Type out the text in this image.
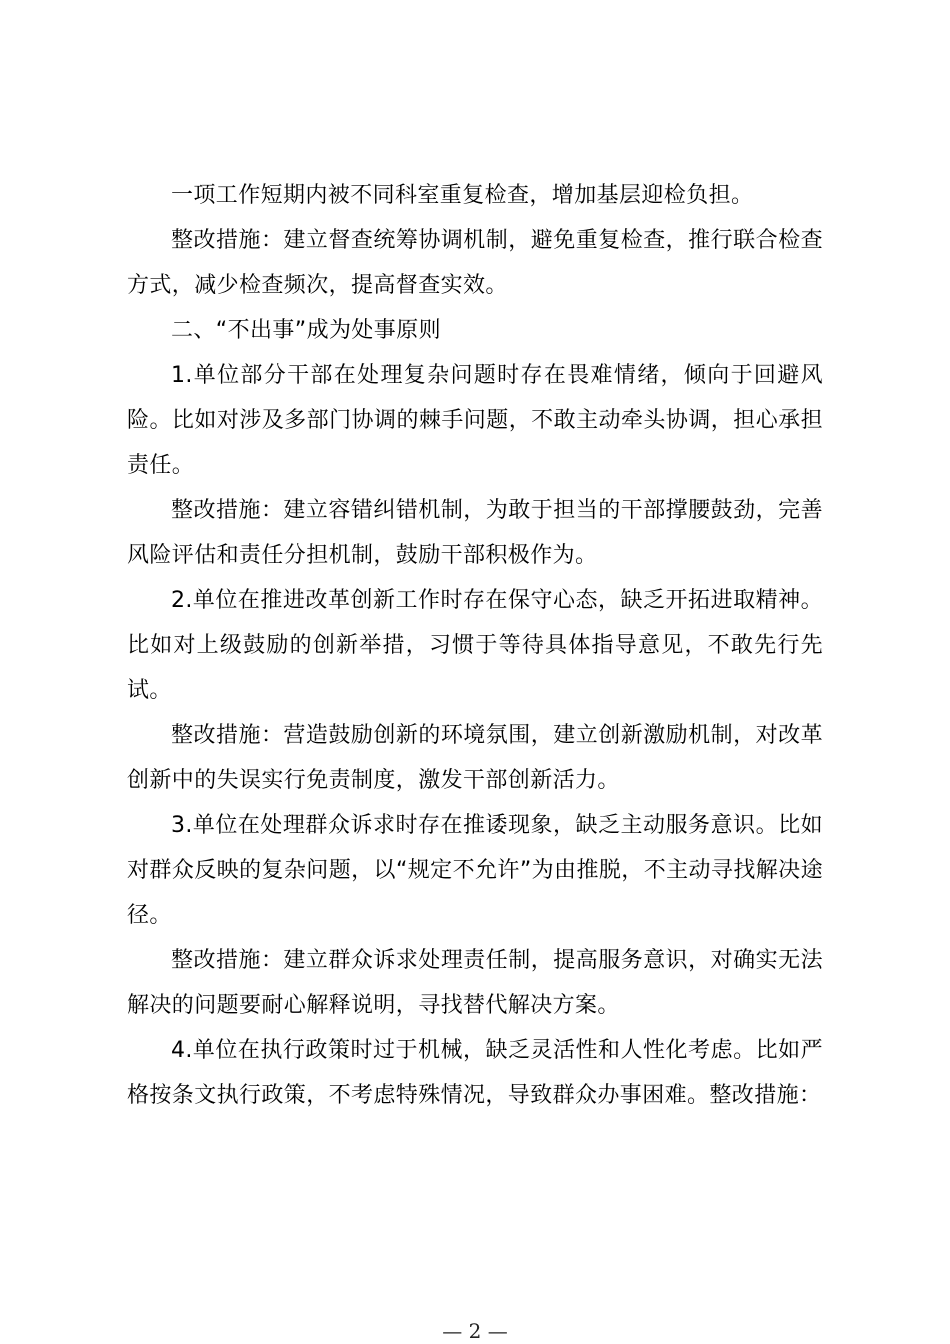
一项工作短期内被不同科室重复检查，增加基层迎检负担。

整改措施：建立督查统筹协调机制，避免重复检查，推行联合检查方式，减少检查频次，提高督查实效。

二、“不出事”成为处事原则

1.单位部分干部在处理复杂问题时存在畏难情绪，倾向于回避风险。比如对涉及多部门协调的棘手问题，不敢主动牵头协调，担心承担责任。

整改措施：建立容错纠错机制，为敢于担当的干部撑腰鼓劲，完善风险评估和责任分担机制，鼓励干部积极作为。

2.单位在推进改革创新工作时存在保守心态，缺乏开拓进取精神。比如对上级鼓励的创新举措，习惯于等待具体指导意见，不敢先行先试。

整改措施：营造鼓励创新的环境氛围，建立创新激励机制，对改革创新中的失误实行免责制度，激发干部创新活力。

3.单位在处理群众诉求时存在推诿现象，缺乏主动服务意识。比如对群众反映的复杂问题，以“规定不允许”为由推脱，不主动寻找解决途径。

整改措施：建立群众诉求处理责任制，提高服务意识，对确实无法解决的问题要耐心解释说明，寻找替代解决方案。

4.单位在执行政策时过于机械，缺乏灵活性和人性化考虑。比如严格按条文执行政策，不考虑特殊情况，导致群众办事困难。整改措施：

— 2 —
